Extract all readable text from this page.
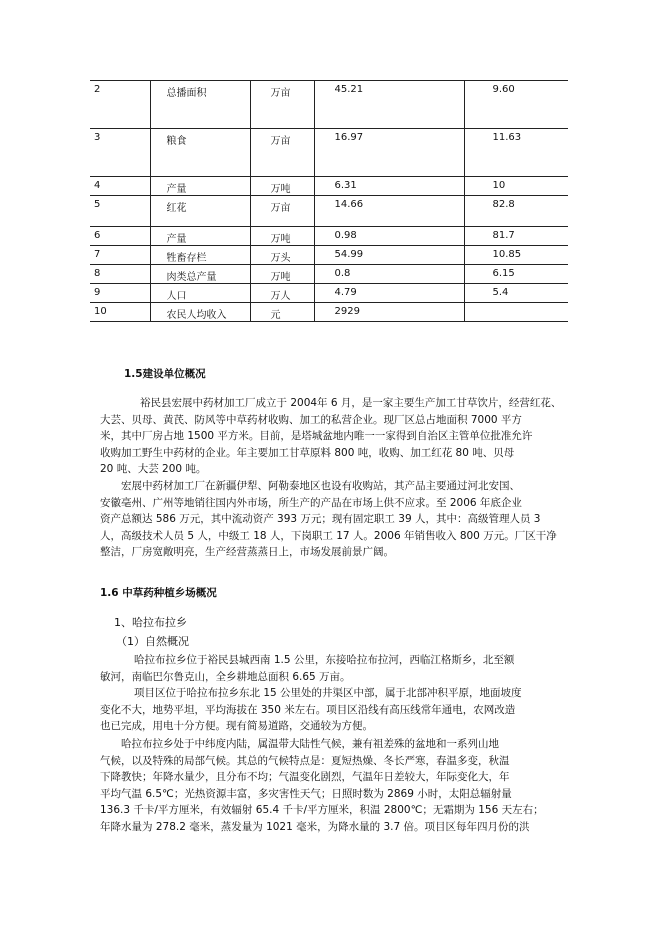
2	总播面积	万亩	45.21	9.60
3	粮食	万亩	16.97	11.63
4	产量	万吨	6.31	10
5	红花	万亩	14.66	82.8
6	产量	万吨	0.98	81.7
7	牲畜存栏	万头	54.99	10.85
8	肉类总产量	万吨	0.8	6.15
9	人口	万人	4.79	5.4
10	农民人均收入	元	2929	
1.5建设单位概况
裕民县宏展中药材加工厂成立于 2004年 6 月，是一家主要生产加工甘草饮片，经营红花、
大芸、贝母、黄芪、防风等中草药材收购、加工的私营企业。现厂区总占地面积 7000 平方
米，其中厂房占地 1500 平方米。目前，是塔城盆地内唯一一家得到自治区主管单位批准允许
收购加工野生中药材的企业。年主要加工甘草原料 800 吨，收购、加工红花 80 吨、贝母
20 吨、大芸 200 吨。
宏展中药材加工厂在新疆伊犁、阿勒泰地区也设有收购站，其产品主要通过河北安国、
安徽亳州、广州等地销往国内外市场，所生产的产品在市场上供不应求。至 2006 年底企业
资产总额达 586 万元，其中流动资产 393 万元；现有固定职工 39 人，其中：高级管理人员 3
人，高级技术人员 5 人，中级工 18 人，下岗职工 17 人。2006 年销售收入 800 万元。厂区干净
整洁，厂房宽敞明亮，生产经营蒸蒸日上，市场发展前景广阔。
1.6 中草药种植乡场概况
1、哈拉布拉乡
（1）自然概况
哈拉布拉乡位于裕民县城西南 1.5 公里，东接哈拉布拉河，西临江格斯乡，北至额
敏河，南临巴尔鲁克山，全乡耕地总面积 6.65 万亩。
项目区位于哈拉布拉乡东北 15 公里处的井渠区中部，属于北部冲积平原，地面坡度
变化不大，地势平坦，平均海拔在 350 米左右。项目区沿线有高压线常年通电，农网改造
也已完成，用电十分方便。现有简易道路，交通较为方便。
哈拉布拉乡处于中纬度内陆，属温带大陆性气候，兼有祖差殊的盆地和一系列山地
气候，以及特殊的局部气候。其总的气候特点是：夏短热燥、冬长严寒，春温多变，秋温
下降教快；年降水量少，且分布不均；气温变化剧烈，气温年日差较大，年际变化大，年
平均气温 6.5℃；光热资源丰富，多灾害性天气；日照时数为 2869 小时，太阳总辐射量
136.3 千卡/平方厘米，有效辐射 65.4 千卡/平方厘米，积温 2800℃；无霜期为 156 天左右；
年降水量为 278.2 毫米，蒸发量为 1021 毫米，为降水量的 3.7 倍。项目区每年四月份的洪
